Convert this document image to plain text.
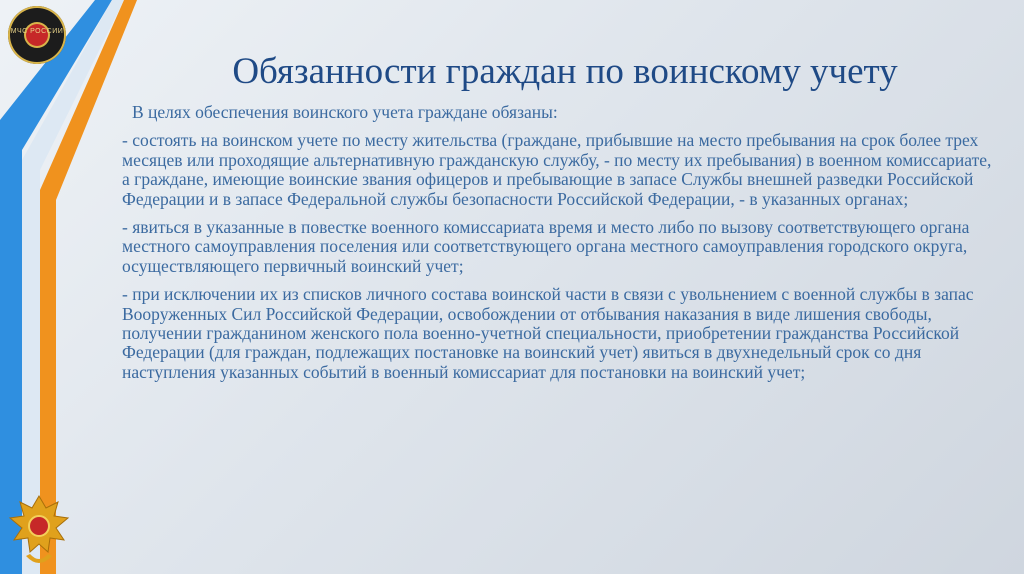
МЧС РОССИИ
Обязанности граждан по воинскому учету

В целях обеспечения воинского учета граждане обязаны:

- состоять на воинском учете по месту жительства (граждане, прибывшие на место пребывания на срок более трех месяцев или проходящие альтернативную гражданскую службу, - по месту их пребывания) в военном комиссариате, а граждане, имеющие воинские звания офицеров и пребывающие в запасе Службы внешней разведки Российской Федерации и в запасе Федеральной службы безопасности Российской Федерации, - в указанных органах;

- явиться в указанные в повестке военного комиссариата время и место либо по вызову соответствующего органа местного самоуправления поселения или соответствующего органа местного самоуправления городского округа, осуществляющего первичный воинский учет;

- при исключении их из списков личного состава воинской части в связи с увольнением с военной службы в запас Вооруженных Сил Российской Федерации, освобождении от отбывания наказания в виде лишения свободы, получении гражданином женского пола военно-учетной специальности, приобретении гражданства Российской Федерации (для граждан, подлежащих постановке на воинский учет) явиться в двухнедельный срок со дня наступления указанных событий в военный комиссариат для постановки на воинский учет;
